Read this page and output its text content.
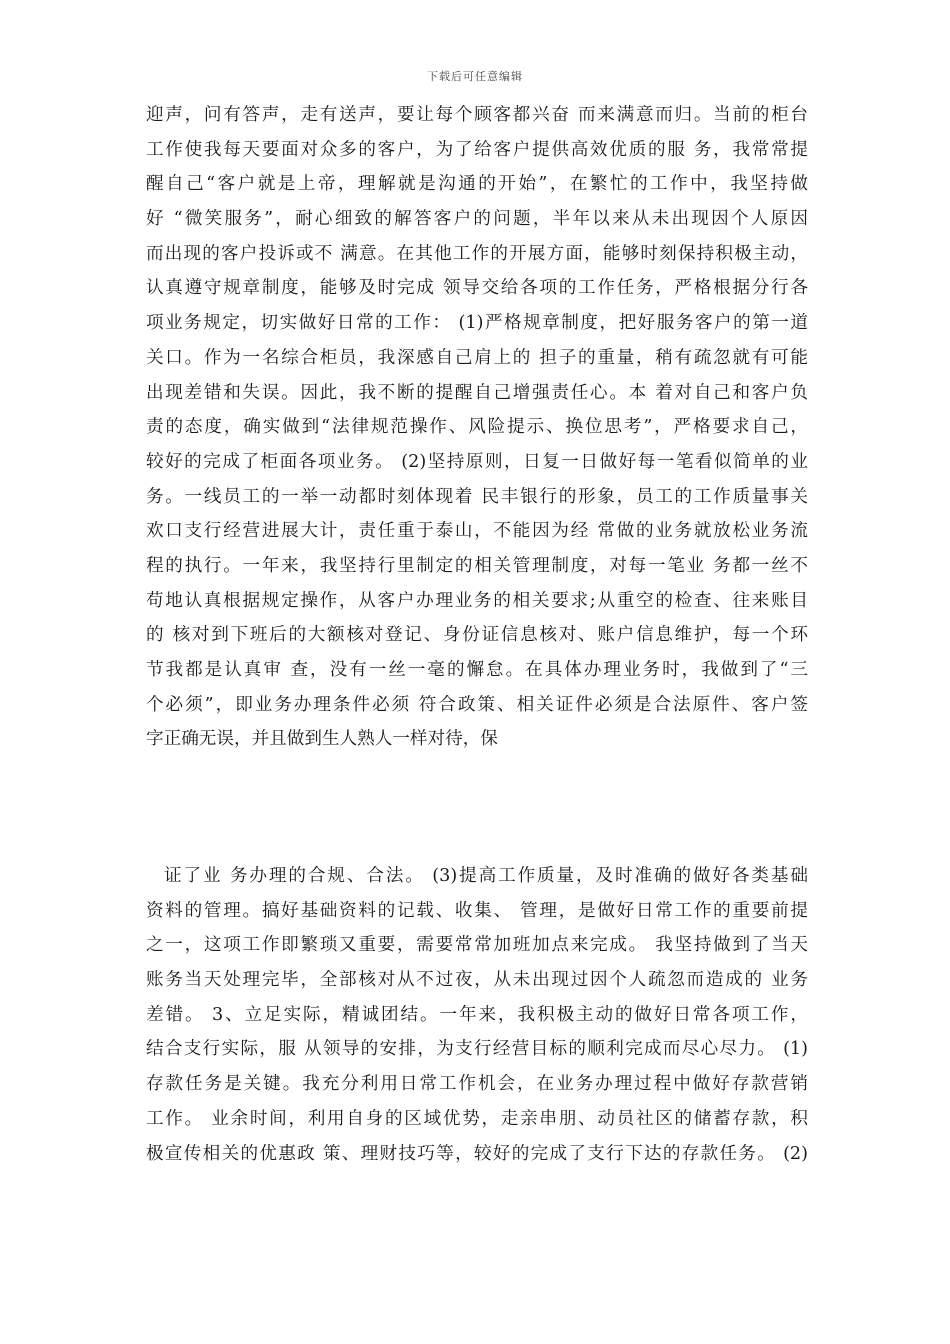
下载后可任意编辑
迎声，问有答声，走有送声，要让每个顾客都兴奋 而来满意而归。当前的柜台
工作使我每天要面对众多的客户，为了给客户提供高效优质的服 务，我常常提
醒自己“客户就是上帝，理解就是沟通的开始”，在繁忙的工作中，我坚持做
好 “微笑服务”，耐心细致的解答客户的问题，半年以来从未出现因个人原因
而出现的客户投诉或不 满意。在其他工作的开展方面，能够时刻保持积极主动，
认真遵守规章制度，能够及时完成 领导交给各项的工作任务，严格根据分行各
项业务规定，切实做好日常的工作： (1)严格规章制度，把好服务客户的第一道
关口。作为一名综合柜员，我深感自己肩上的 担子的重量，稍有疏忽就有可能
出现差错和失误。因此，我不断的提醒自己增强责任心。本 着对自己和客户负
责的态度，确实做到“法律规范操作、风险提示、换位思考”，严格要求自己，
较好的完成了柜面各项业务。 (2)坚持原则，日复一日做好每一笔看似简单的业
务。一线员工的一举一动都时刻体现着 民丰银行的形象，员工的工作质量事关
欢口支行经营进展大计，责任重于泰山，不能因为经 常做的业务就放松业务流
程的执行。一年来，我坚持行里制定的相关管理制度，对每一笔业 务都一丝不
苟地认真根据规定操作，从客户办理业务的相关要求;从重空的检查、往来账目
的 核对到下班后的大额核对登记、身份证信息核对、账户信息维护，每一个环
节我都是认真审 查，没有一丝一毫的懈怠。在具体办理业务时，我做到了“三
个必须”，即业务办理条件必须 符合政策、相关证件必须是合法原件、客户签
字正确无误，并且做到生人熟人一样对待，保
证了业 务办理的合规、合法。 (3)提高工作质量，及时准确的做好各类基础
资料的管理。搞好基础资料的记载、收集、 管理，是做好日常工作的重要前提
之一，这项工作即繁琐又重要，需要常常加班加点来完成。 我坚持做到了当天
账务当天处理完毕，全部核对从不过夜，从未出现过因个人疏忽而造成的 业务
差错。 3、立足实际，精诚团结。一年来，我积极主动的做好日常各项工作，
结合支行实际，服 从领导的安排，为支行经营目标的顺利完成而尽心尽力。 (1)
存款任务是关键。我充分利用日常工作机会，在业务办理过程中做好存款营销
工作。 业余时间，利用自身的区域优势，走亲串朋、动员社区的储蓄存款，积
极宣传相关的优惠政 策、理财技巧等，较好的完成了支行下达的存款任务。 (2)
